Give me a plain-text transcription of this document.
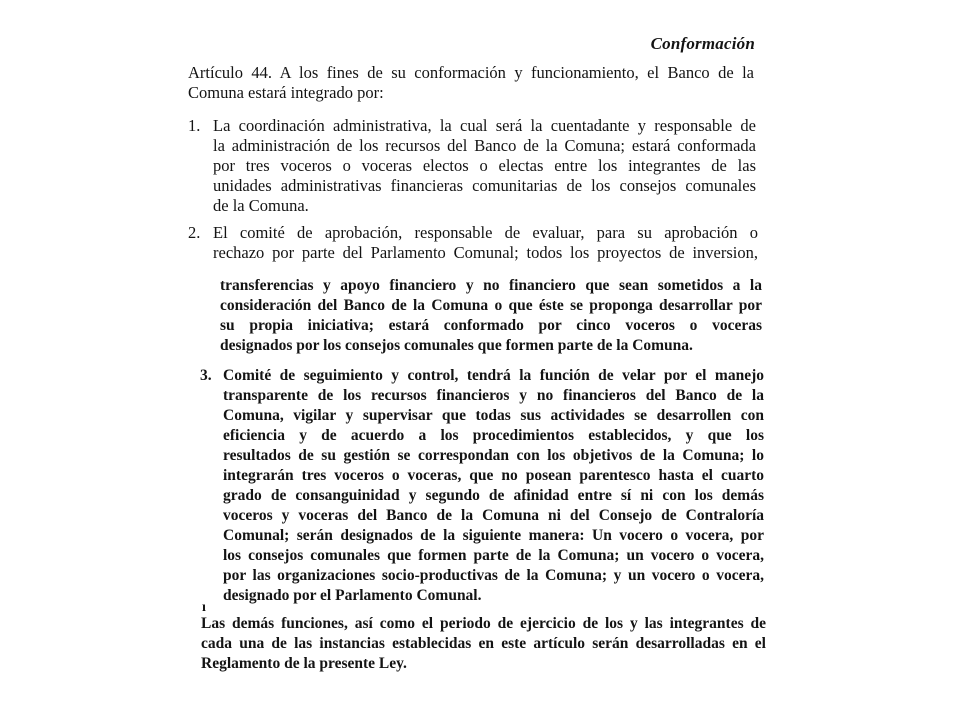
Conformación
Artículo 44. A los fines de su conformación y funcionamiento, el Banco de la
Comuna estará integrado por:
1. La coordinación administrativa, la cual será la cuentadante y responsable de
la administración de los recursos del Banco de la Comuna; estará conformada
por tres voceros o voceras electos o electas entre los integrantes de las
unidades administrativas financieras comunitarias de los consejos comunales
de la Comuna.
2. El comité de aprobación, responsable de evaluar, para su aprobación o
rechazo por parte del Parlamento Comunal; todos los proyectos de inversion,
transferencias y apoyo financiero y no financiero que sean sometidos a la
consideración del Banco de la Comuna o que éste se proponga desarrollar por
su propia iniciativa; estará conformado por cinco voceros o voceras
designados por los consejos comunales que formen parte de la Comuna.
3. Comité de seguimiento y control, tendrá la función de velar por el manejo
transparente de los recursos financieros y no financieros del Banco de la
Comuna, vigilar y supervisar que todas sus actividades se desarrollen con
eficiencia y de acuerdo a los procedimientos establecidos, y que los
resultados de su gestión se correspondan con los objetivos de la Comuna; lo
integrarán tres voceros o voceras, que no posean parentesco hasta el cuarto
grado de consanguinidad y segundo de afinidad entre sí ni con los demás
voceros y voceras del Banco de la Comuna ni del Consejo de Contraloría
Comunal; serán designados de la siguiente manera: Un vocero o vocera, por
los consejos comunales que formen parte de la Comuna; un vocero o vocera,
por las organizaciones socio-productivas de la Comuna; y un vocero o vocera,
designado por el Parlamento Comunal.
ı
Las demás funciones, así como el periodo de ejercicio de los y las integrantes de
cada una de las instancias establecidas en este artículo serán desarrolladas en el
Reglamento de la presente Ley.
